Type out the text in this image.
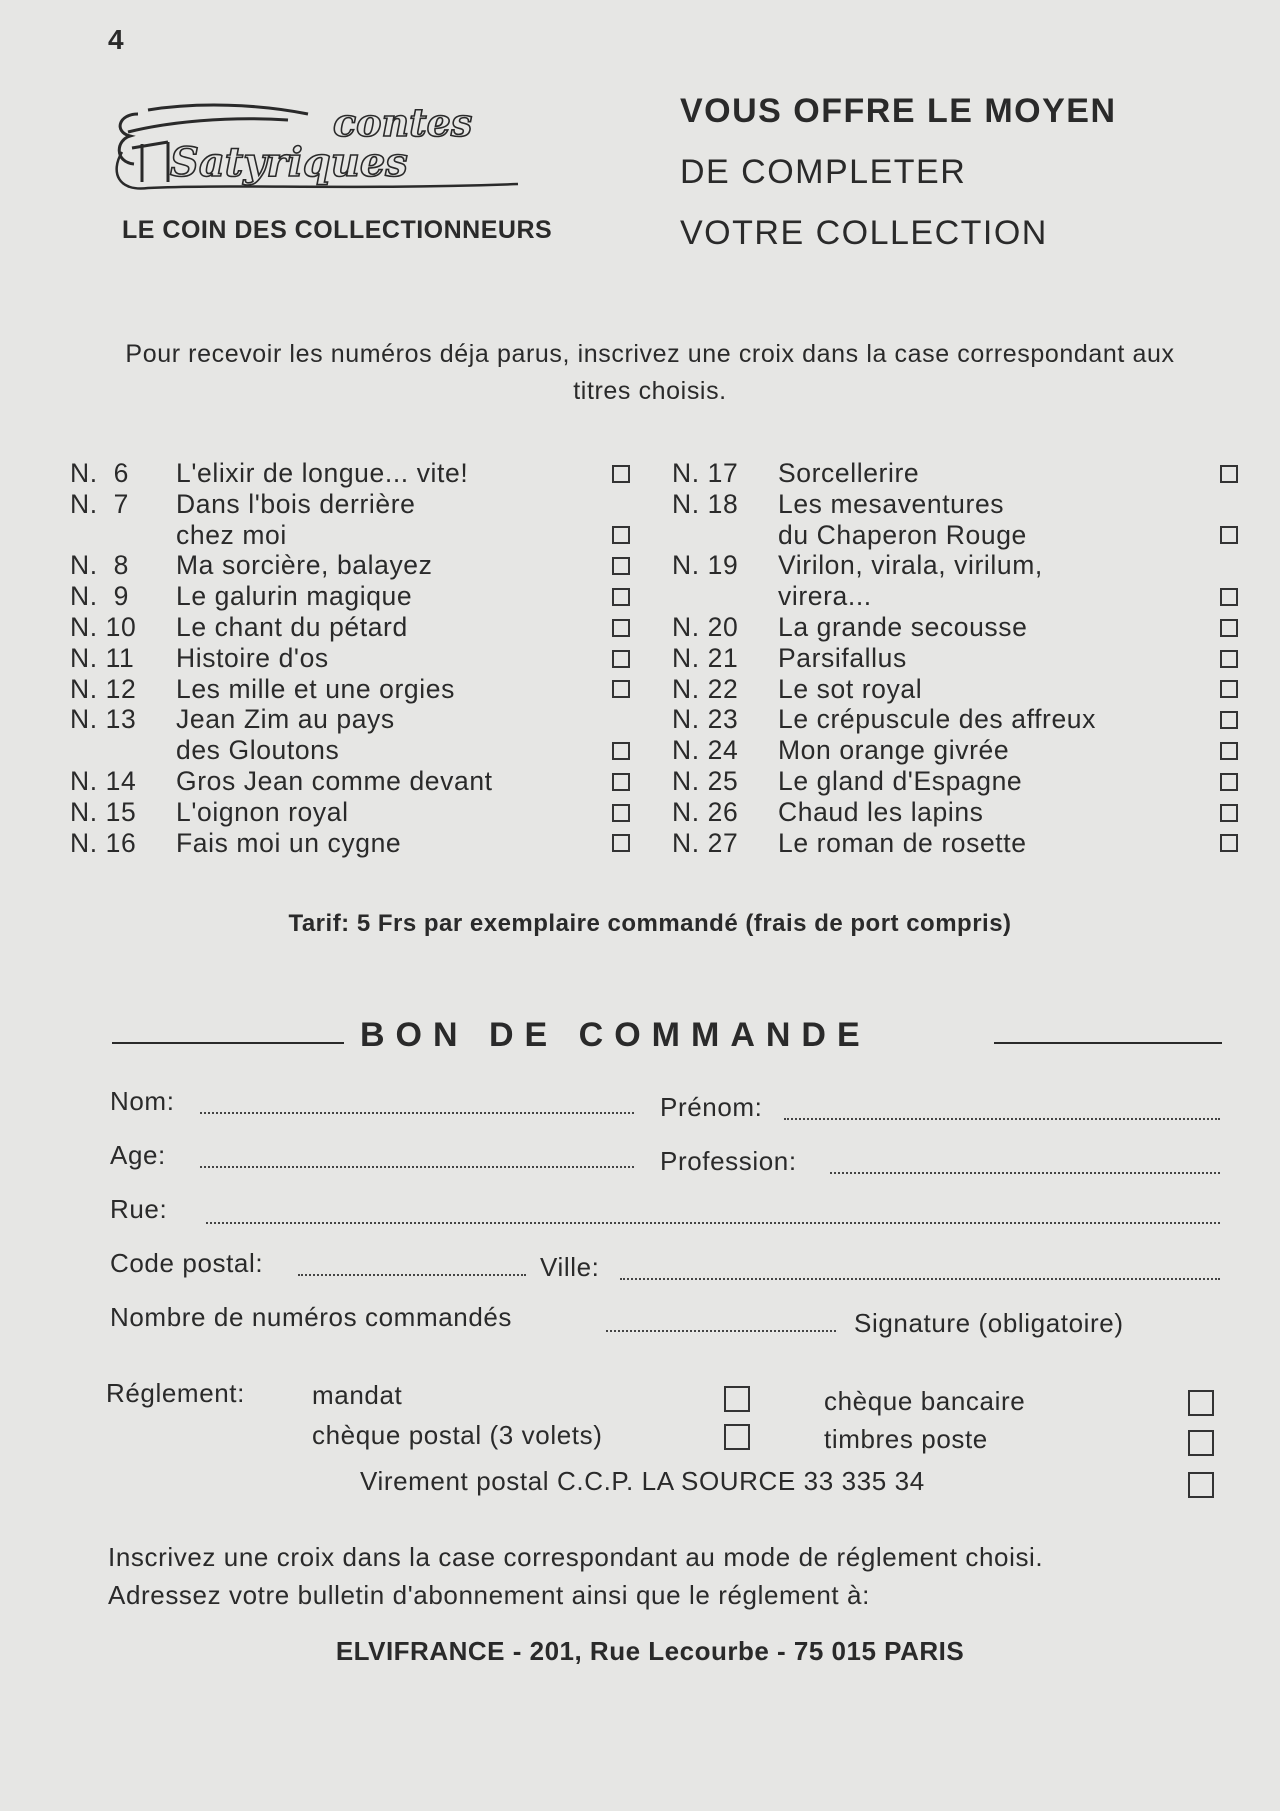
4
contes
Satyriques
LE COIN DES COLLECTIONNEURS
VOUS OFFRE LE MOYEN
DE COMPLETER
VOTRE COLLECTION
Pour recevoir les numéros déja parus, inscrivez une croix dans la case correspondant aux titres choisis.
N.  6	L'elixir de longue... vite!
N.  7	Dans l'bois derrière
chez moi
N.  8	Ma sorcière, balayez
N.  9	Le galurin magique
N. 10	Le chant du pétard
N. 11	Histoire d'os
N. 12	Les mille et une orgies
N. 13	Jean Zim au pays
des Gloutons
N. 14	Gros Jean comme devant
N. 15	L'oignon royal
N. 16	Fais moi un cygne
N. 17	Sorcellerire
N. 18	Les mesaventures
du Chaperon Rouge
N. 19	Virilon, virala, virilum,
virera...
N. 20	La grande secousse
N. 21	Parsifallus
N. 22	Le sot royal
N. 23	Le crépuscule des affreux
N. 24	Mon orange givrée
N. 25	Le gland d'Espagne
N. 26	Chaud les lapins
N. 27	Le roman de rosette
Tarif: 5 Frs par exemplaire commandé (frais de port compris)
BON DE COMMANDE
Nom:	Prénom:
Age:	Profession:
Rue:
Code postal:	Ville:
Nombre de numéros commandés	Signature (obligatoire)
Réglement:	mandat	chèque bancaire
chèque postal (3 volets)	timbres poste
Virement postal C.C.P. LA SOURCE 33 335 34
Inscrivez une croix dans la case correspondant au mode de réglement choisi.
Adressez votre bulletin d'abonnement ainsi que le réglement à:
ELVIFRANCE - 201, Rue Lecourbe - 75 015 PARIS
